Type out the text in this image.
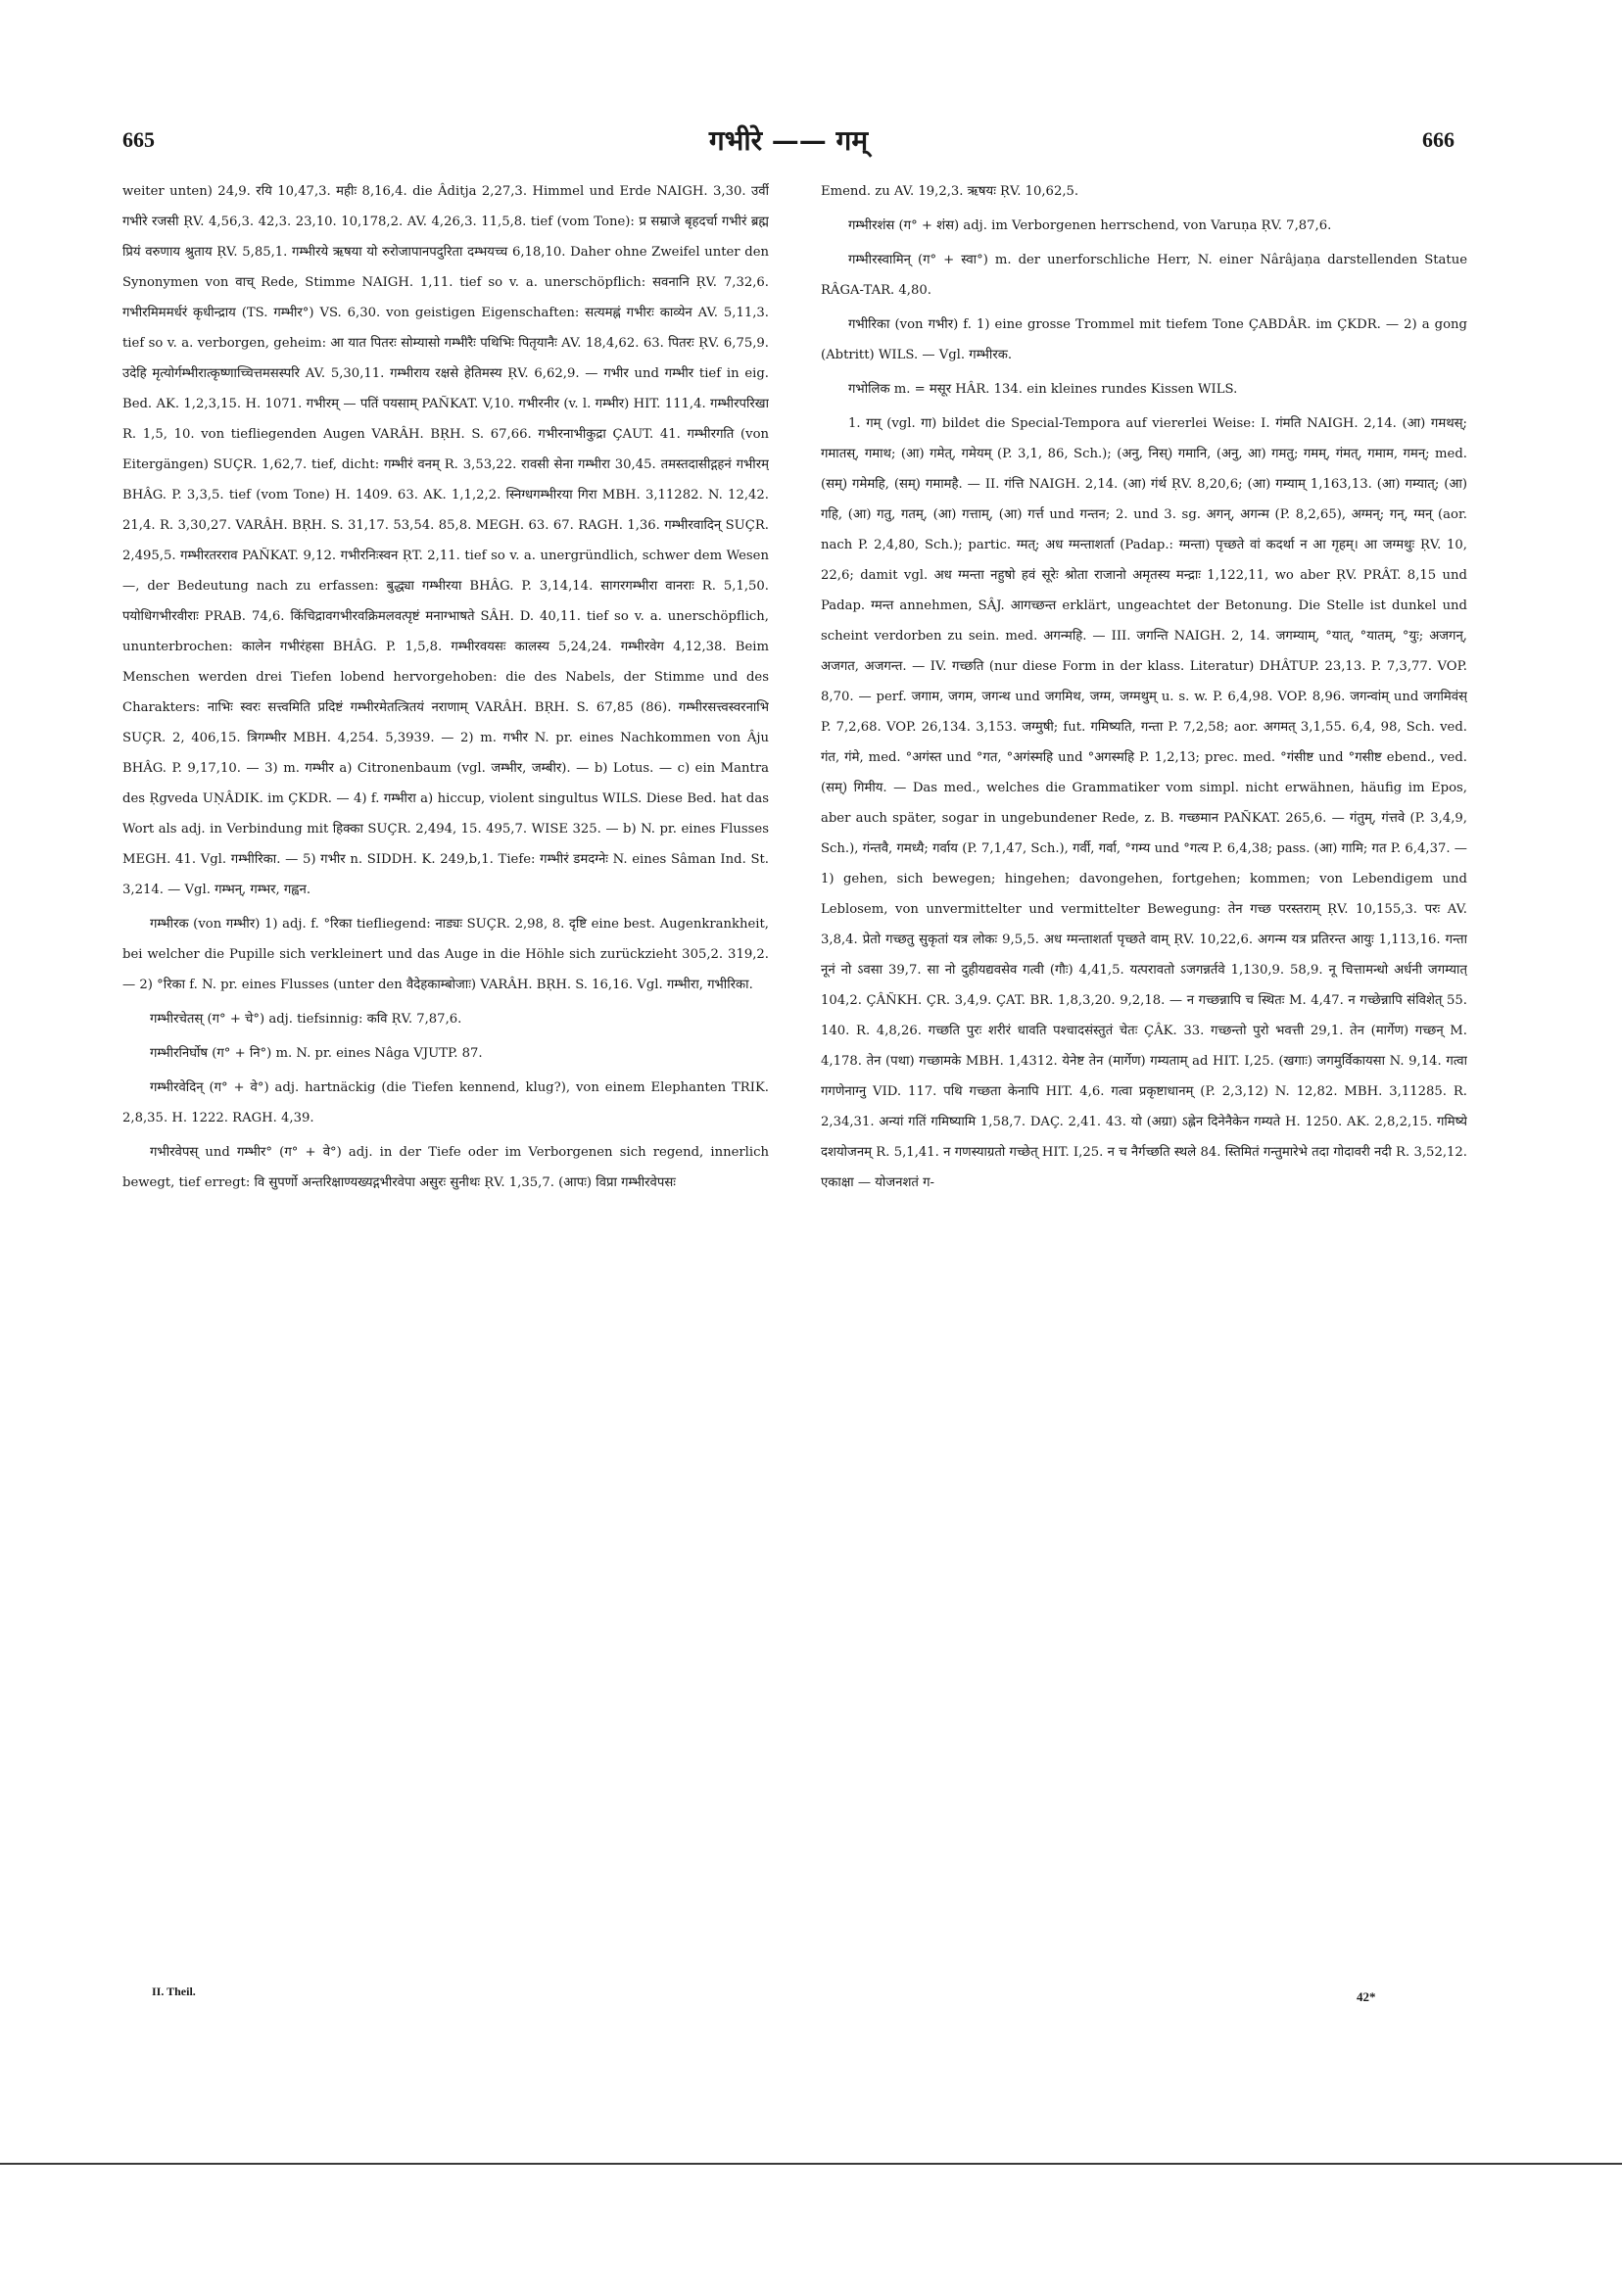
665	गभीरे —— गम्	666

weiter unten) 24,9. रयि 10,47,3. महीः 8,16,4. die Âditja 2,27,3. Himmel und Erde NAIGH. 3,30. उर्वी गभीरे रजसी ṚV. 4,56,3. 42,3. 23,10. 10,178,2. AV. 4,26,3. 11,5,8. tief (vom Tone): प्र सम्राजे बृहदर्चा गभीरं ब्रह्म प्रियं वरुणाय श्रुताय ṚV. 5,85,1. गम्भीरये ऋषया यो रुरोजापानपदुरिता दम्भयच्च 6,18,10. Daher ohne Zweifel unter den Synonymen von वाच् Rede, Stimme NAIGH. 1,11. tief so v. a. unerschöpflich: सवनानि ṚV. 7,32,6. गभीरमिममर्धरं कृधीन्द्राय (TS. गम्भीर°) VS. 6,30. von geistigen Eigenschaften: सत्यमह्नं गभीरः काव्येन AV. 5,11,3. tief so v. a. verborgen, geheim: आ यात पितरः सोम्यासो गम्भीरैः पथिभिः पितृयानैः AV. 18,4,62. 63. पितरः ṚV. 6,75,9. उदेहि मृत्योर्गम्भीरात्कृष्णाच्चित्तमसस्परि AV. 5,30,11. गम्भीराय रक्षसे हेतिमस्य ṚV. 6,62,9. — गभीर und गम्भीर tief in eig. Bed. AK. 1,2,3,15. H. 1071. गभीरम् — पतिं पयसाम् PAÑKAT. V,10. गभीरनीर (v. l. गम्भीर) HIT. 111,4. गम्भीरपरिखा R. 1,5, 10. von tiefliegenden Augen VARÂH. BṚH. S. 67,66. गभीरनाभीकुद्रा ÇAUT. 41. गम्भीरगति (von Eitergängen) SUÇR. 1,62,7. tief, dicht: गम्भीरं वनम् R. 3,53,22. रावसी सेना गम्भीरा 30,45. तमस्तदासीद्गहनं गभीरम् BHÂG. P. 3,3,5. tief (vom Tone) H. 1409. 63. AK. 1,1,2,2. स्निग्धगम्भीरया गिरा MBH. 3,11282. N. 12,42. 21,4. R. 3,30,27. VARÂH. BṚH. S. 31,17. 53,54. 85,8. MEGH. 63. 67. RAGH. 1,36. गम्भीरवादिन् SUÇR. 2,495,5. गम्भीरतरराव PAÑKAT. 9,12. गभीरनिःस्वन ṚT. 2,11. tief so v. a. unergründlich, schwer dem Wesen —, der Bedeutung nach zu erfassen: बुद्ध्या गम्भीरया BHÂG. P. 3,14,14. सागरगम्भीरा वानराः R. 5,1,50. पयोधिगभीरवीराः PRAB. 74,6. किंचिद्रावगभीरवक्रिमलवत्पृष्टं मनाग्भाषते SÂH. D. 40,11. tief so v. a. unerschöpflich, ununterbrochen: कालेन गभीरंहसा BHÂG. P. 1,5,8. गम्भीरवयसः कालस्य 5,24,24. गम्भीरवेग 4,12,38. Beim Menschen werden drei Tiefen lobend hervorgehoben: die des Nabels, der Stimme und des Charakters: नाभिः स्वरः सत्त्वमिति प्रदिष्टं गम्भीरमेतत्त्रितयं नराणाम् VARÂH. BṚH. S. 67,85 (86). गम्भीरसत्त्वस्वरनाभि SUÇR. 2, 406,15. त्रिगम्भीर MBH. 4,254. 5,3939. — 2) m. गभीर N. pr. eines Nachkommen von Âju BHÂG. P. 9,17,10. — 3) m. गम्भीर a) Citronenbaum (vgl. जम्भीर, जम्बीर). — b) Lotus. — c) ein Mantra des Ṛgveda UṆÂDIK. im ÇKDR. — 4) f. गम्भीरा a) hiccup, violent singultus WILS. Diese Bed. hat das Wort als adj. in Verbindung mit हिक्का SUÇR. 2,494, 15. 495,7. WISE 325. — b) N. pr. eines Flusses MEGH. 41. Vgl. गम्भीरिका. — 5) गभीर n. SIDDH. K. 249,b,1. Tiefe: गम्भीरं डमदग्नेः N. eines Sâman Ind. St. 3,214. — Vgl. गम्भन्, गम्भर, गह्वन.

गम्भीरक (von गम्भीर) 1) adj. f. °रिका tiefliegend: नाड्यः SUÇR. 2,98, 8. दृष्टि eine best. Augenkrankheit, bei welcher die Pupille sich verkleinert und das Auge in die Höhle sich zurückzieht 305,2. 319,2. — 2) °रिका f. N. pr. eines Flusses (unter den वैदेहकाम्बोजाः) VARÂH. BṚH. S. 16,16. Vgl. गम्भीरा, गभीरिका.

गम्भीरचेतस् (ग° + चे°) adj. tiefsinnig: कवि ṚV. 7,87,6.

गम्भीरनिर्घोष (ग° + नि°) m. N. pr. eines Nâga VJUTP. 87.

गम्भीरवेदिन् (ग° + वे°) adj. hartnäckig (die Tiefen kennend, klug?), von einem Elephanten TRIK. 2,8,35. H. 1222. RAGH. 4,39.

गभीरवेपस् und गम्भीर° (ग° + वे°) adj. in der Tiefe oder im Verborgenen sich regend, innerlich bewegt, tief erregt: वि सुपर्णो अन्तरिक्षाण्यख्यद्गभीरवेपा असुरः सुनीथः ṚV. 1,35,7. (आपः) विप्रा गम्भीरवेपसः

Emend. zu AV. 19,2,3. ऋषयः ṚV. 10,62,5.

गम्भीरशंस (ग° + शंस) adj. im Verborgenen herrschend, von Varuṇa ṚV. 7,87,6.

गम्भीरस्वामिन् (ग° + स्वा°) m. der unerforschliche Herr, N. einer Nârâjaṇa darstellenden Statue RÂGA-TAR. 4,80.

गभीरिका (von गभीर) f. 1) eine grosse Trommel mit tiefem Tone ÇABDÂR. im ÇKDR. — 2) a gong (Abtritt) WILS. — Vgl. गम्भीरक.

गभोलिक m. = मसूर HÂR. 134. ein kleines rundes Kissen WILS.

1. गम् (vgl. गा) bildet die Special-Tempora auf viererlei Weise: I. गंमति NAIGH. 2,14. (आ) गमथस्; गमातस्, गमाथ; (आ) गमेत्, गमेयम् (P. 3,1, 86, Sch.); (अनु, निस्) गमानि, (अनु, आ) गमतु; गमम्, गंमत्, गमाम, गमन्; med. (सम्) गमेमहि, (सम्) गमामहै. — II. गंत्ति NAIGH. 2,14. (आ) गंर्थ ṚV. 8,20,6; (आ) गम्याम् 1,163,13. (आ) गम्यात्; (आ) गहि, (आ) गतु, गतम्, (आ) गत्ताम्, (आ) गर्त्त und गन्तन; 2. und 3. sg. अगन्, अगन्म (P. 8,2,65), अग्मन्; गन्, ग्मन् (aor. nach P. 2,4,80, Sch.); partic. ग्मत्; अध ग्मन्ताशर्ता (Padap.: ग्मन्ता) पृच्छते वां कदर्था न आ गृहम्। आ जग्मथुः ṚV. 10, 22,6; damit vgl. अध ग्मन्ता नहुषो हवं सूरेः श्रोता राजानो अमृतस्य मन्द्राः 1,122,11, wo aber ṚV. PRÂT. 8,15 und Padap. ग्मन्त annehmen, SÂJ. आगच्छन्त erklärt, ungeachtet der Betonung. Die Stelle ist dunkel und scheint verdorben zu sein. med. अगन्महि. — III. जगन्ति NAIGH. 2, 14. जगम्याम्, °यात्, °यातम्, °युः; अजगन्, अजगत, अजगन्त. — IV. गच्छति (nur diese Form in der klass. Literatur) DHÂTUP. 23,13. P. 7,3,77. VOP. 8,70. — perf. जगाम, जगम, जगन्थ und जगमिथ, जग्म, जग्मथुम् u. s. w. P. 6,4,98. VOP. 8,96. जगन्वांम् und जगमिवंस् P. 7,2,68. VOP. 26,134. 3,153. जग्मुषी; fut. गमिष्यति, गन्ता P. 7,2,58; aor. अगमत् 3,1,55. 6,4, 98, Sch. ved. गंत, गंमे, med. °अगंस्त und °गत, °अगंस्महि und °अगस्महि P. 1,2,13; prec. med. °गंसीष्ट und °गसीष्ट ebend., ved. (सम्) गिमीय. — Das med., welches die Grammatiker vom simpl. nicht erwähnen, häufig im Epos, aber auch später, sogar in ungebundener Rede, z. B. गच्छमान PAÑKAT. 265,6. — गंतुम्, गंत्तवे (P. 3,4,9, Sch.), गंन्तवै, गमध्यै; गर्वाय (P. 7,1,47, Sch.), गर्वी, गर्वा, °गम्य und °गत्य P. 6,4,38; pass. (आ) गामि; गत P. 6,4,37. — 1) gehen, sich bewegen; hingehen; davongehen, fortgehen; kommen; von Lebendigem und Leblosem, von unvermittelter und vermittelter Bewegung: तेन गच्छ परस्तराम् ṚV. 10,155,3. परः AV. 3,8,4. प्रेतो गच्छतु सुकृतां यत्र लोकः 9,5,5. अध ग्मन्ताशर्ता पृच्छते वाम् ṚV. 10,22,6. अगन्म यत्र प्रतिरन्त आयुः 1,113,16. गन्ता नूनं नो ऽवसा 39,7. सा नो दुहीयद्यवसेव गत्वी (गौः) 4,41,5. यत्परावतो ऽजगन्नर्तवे 1,130,9. 58,9. नू चित्तामन्धो अर्धनी जगम्यात् 104,2. ÇÂÑKH. ÇR. 3,4,9. ÇAT. BR. 1,8,3,20. 9,2,18. — न गच्छन्नापि च स्थितः M. 4,47. न गच्छेन्नापि संविशेत् 55. 140. R. 4,8,26. गच्छति पुरः शरीरं धावति पश्चादसंस्तुतं चेतः ÇÂK. 33. गच्छन्तो पुरो भवत्ती 29,1. तेन (मार्गेण) गच्छन् M. 4,178. तेन (पथा) गच्छामके MBH. 1,4312. येनेष्ट तेन (मार्गेण) गम्यताम् ad HIT. I,25. (खगाः) जगमुर्विकायसा N. 9,14. गत्वा गगणेनाग्नु VID. 117. पथि गच्छता केनापि HIT. 4,6. गत्वा प्रकृष्टाधानम् (P. 2,3,12) N. 12,82. MBH. 3,11285. R. 2,34,31. अन्यां गतिं गमिष्यामि 1,58,7. DAÇ. 2,41. 43. यो (अग्रा) ऽह्लेन दिनेनैकेन गम्यते H. 1250. AK. 2,8,2,15. गमिष्ये दशयोजनम् R. 5,1,41. न गणस्याग्रतो गच्छेत् HIT. I,25. न च नैर्गच्छति स्थले 84. स्तिमितं गन्तुमारेभे तदा गोदावरी नदी R. 3,52,12. एकाक्षा — योजनशतं ग-

II. Theil.	42*
